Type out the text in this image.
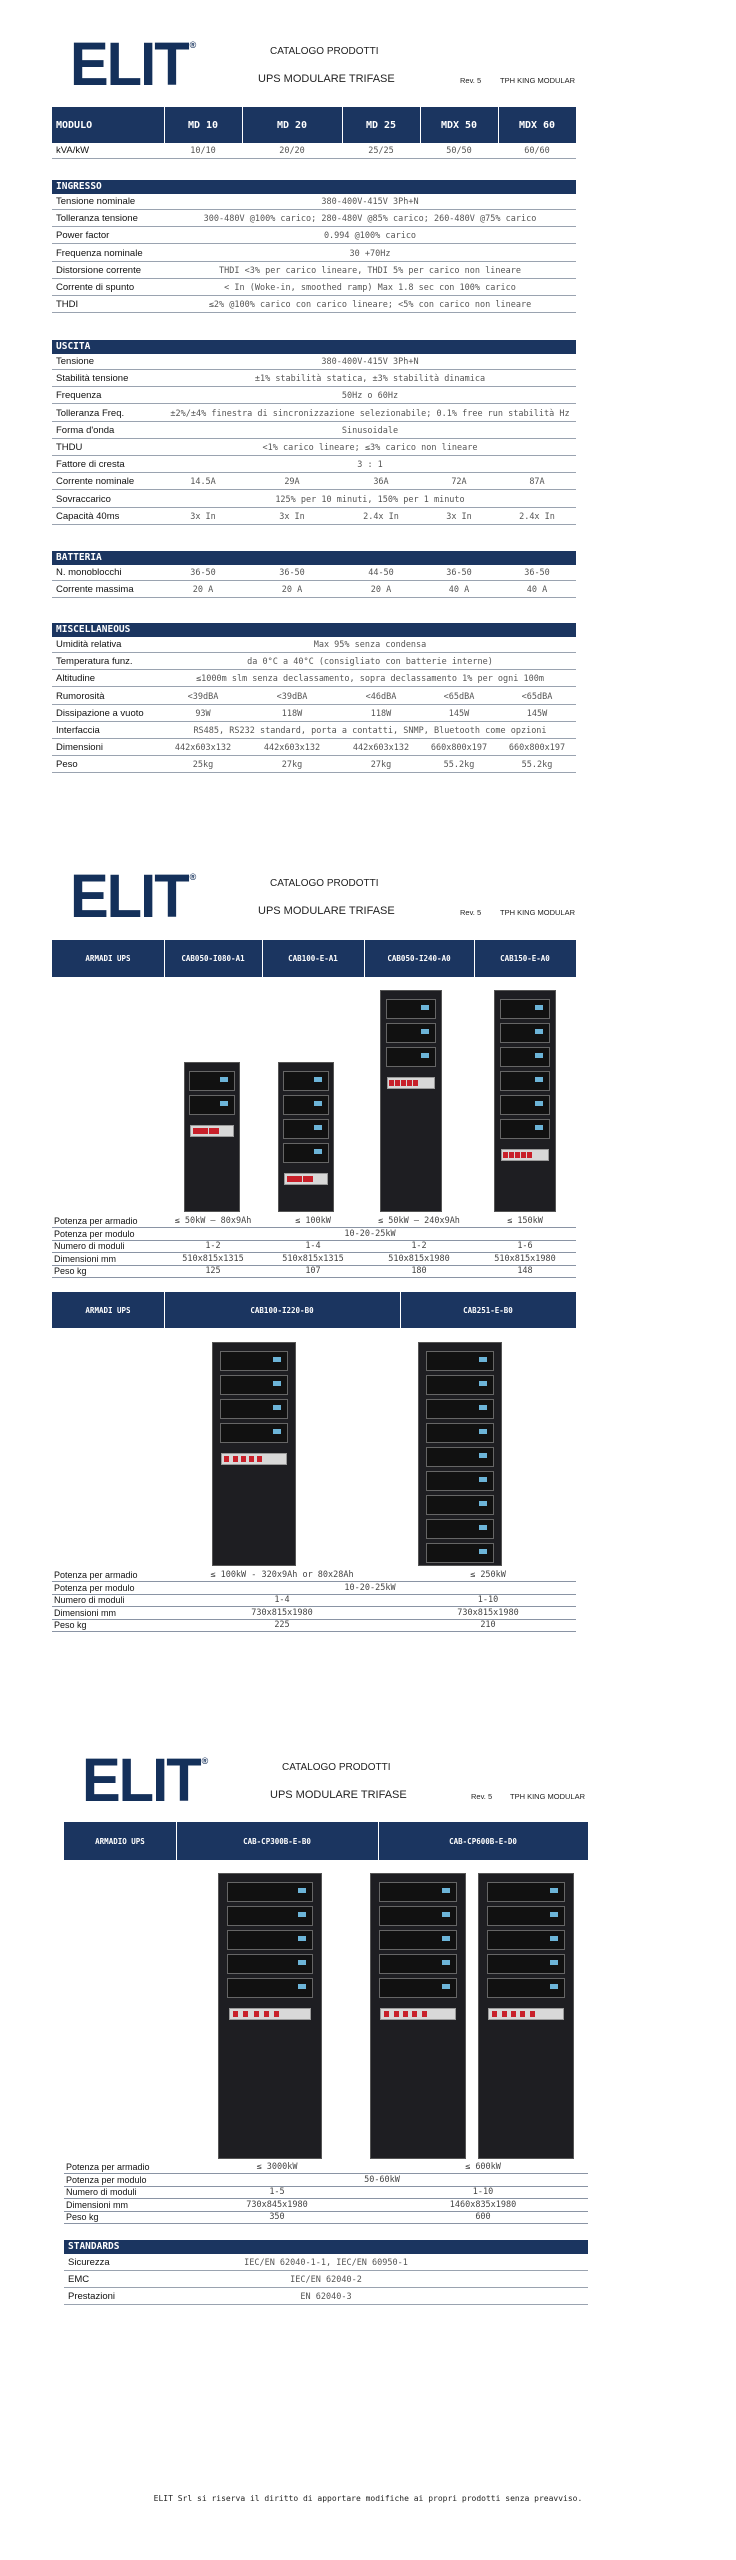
ELIT ®
CATALOGO PRODOTTI
UPS MODULARE TRIFASE	Rev. 5	TPH KING MODULAR
ELIT ®
CATALOGO PRODOTTI
UPS MODULARE TRIFASE	Rev. 5	TPH KING MODULAR
ELIT ®
CATALOGO PRODOTTI
UPS MODULARE TRIFASE	Rev. 5 TPH KING MODULAR
ELIT Srl si riserva il diritto di apportare modifiche ai propri prodotti senza preavviso.
MODULO	MD 10	MD 20	MD 25	MDX 50	MDX 60
kVA/kW	10/10	20/20	25/25	50/50	60/60
INGRESSO
Tensione nominale	380-400V-415V 3Ph+N
Tolleranza tensione	300-480V @100% carico; 280-480V @85% carico; 260-480V @75% carico
Power factor	0.994 @100% carico
Frequenza nominale	30 +70Hz
Distorsione corrente	THDI <3% per carico lineare, THDI 5% per carico non lineare
Corrente di spunto	< In (Woke-in, smoothed ramp) Max 1.8 sec con 100% carico
THDI	≤2% @100% carico con carico lineare; <5% con carico non lineare
USCITA
Tensione	380-400V-415V 3Ph+N
Stabilità tensione	±1% stabilità statica, ±3% stabilità dinamica
Frequenza	50Hz o 60Hz
Tolleranza Freq.	±2%/±4% finestra di sincronizzazione selezionabile; 0.1% free run stabilità Hz
Forma d'onda	Sinusoidale
THDU	<1% carico lineare; ≤3% carico non lineare
Fattore di cresta	3 : 1
Corrente nominale	14.5A	29A	36A	72A	87A
Sovraccarico	125% per 10 minuti, 150% per 1 minuto
Capacità 40ms	3x In	3x In	2.4x In	3x In	2.4x In
BATTERIA
N. monoblocchi	36-50	36-50	44-50	36-50	36-50
Corrente massima	20 A	20 A	20 A	40 A	40 A
MISCELLANEOUS
Umidità relativa	Max 95% senza condensa
Temperatura funz.	da 0°C a 40°C (consigliato con batterie interne)
Altitudine	≤1000m slm senza declassamento, sopra declassamento 1% per ogni 100m
Rumorosità	<39dBA	<39dBA	<46dBA	<65dBA	<65dBA
Dissipazione a vuoto	93W	118W	118W	145W	145W
Interfaccia	RS485, RS232 standard, porta a contatti, SNMP, Bluetooth come opzioni
Dimensioni	442x603x132	442x603x132	442x603x132	660x800x197	660x800x197
Peso	25kg	27kg	27kg	55.2kg	55.2kg
ARMADI UPS	CAB050-I080-A1	CAB100-E-A1	CAB050-I240-A0	CAB150-E-A0
Potenza per armadio	≤ 50kW – 80x9Ah	≤ 100kW	≤ 50kW – 240x9Ah	≤ 150kW
Potenza per modulo	10-20-25kW
Numero di moduli	1-2	1-4	1-2	1-6
Dimensioni mm	510x815x1315	510x815x1315	510x815x1980	510x815x1980
Peso kg	125	107	180	148
ARMADI UPS	CAB100-I220-B0	CAB251-E-B0
Potenza per armadio	≤ 100kW - 320x9Ah or 80x28Ah	≤ 250kW
Potenza per modulo	10-20-25kW
Numero di moduli	1-4	1-10
Dimensioni mm	730x815x1980	730x815x1980
Peso kg	225	210
ARMADIO UPS	CAB-CP300B-E-B0	CAB-CP600B-E-D0
Potenza per armadio	≤ 3000kW	≤ 600kW
Potenza per modulo	50-60kW
Numero di moduli	1-5	1-10
Dimensioni mm	730x845x1980	1460x835x1980
Peso kg	350	600
STANDARDS
Sicurezza	IEC/EN 62040-1-1, IEC/EN 60950-1
EMC	IEC/EN 62040-2
Prestazioni	EN 62040-3
